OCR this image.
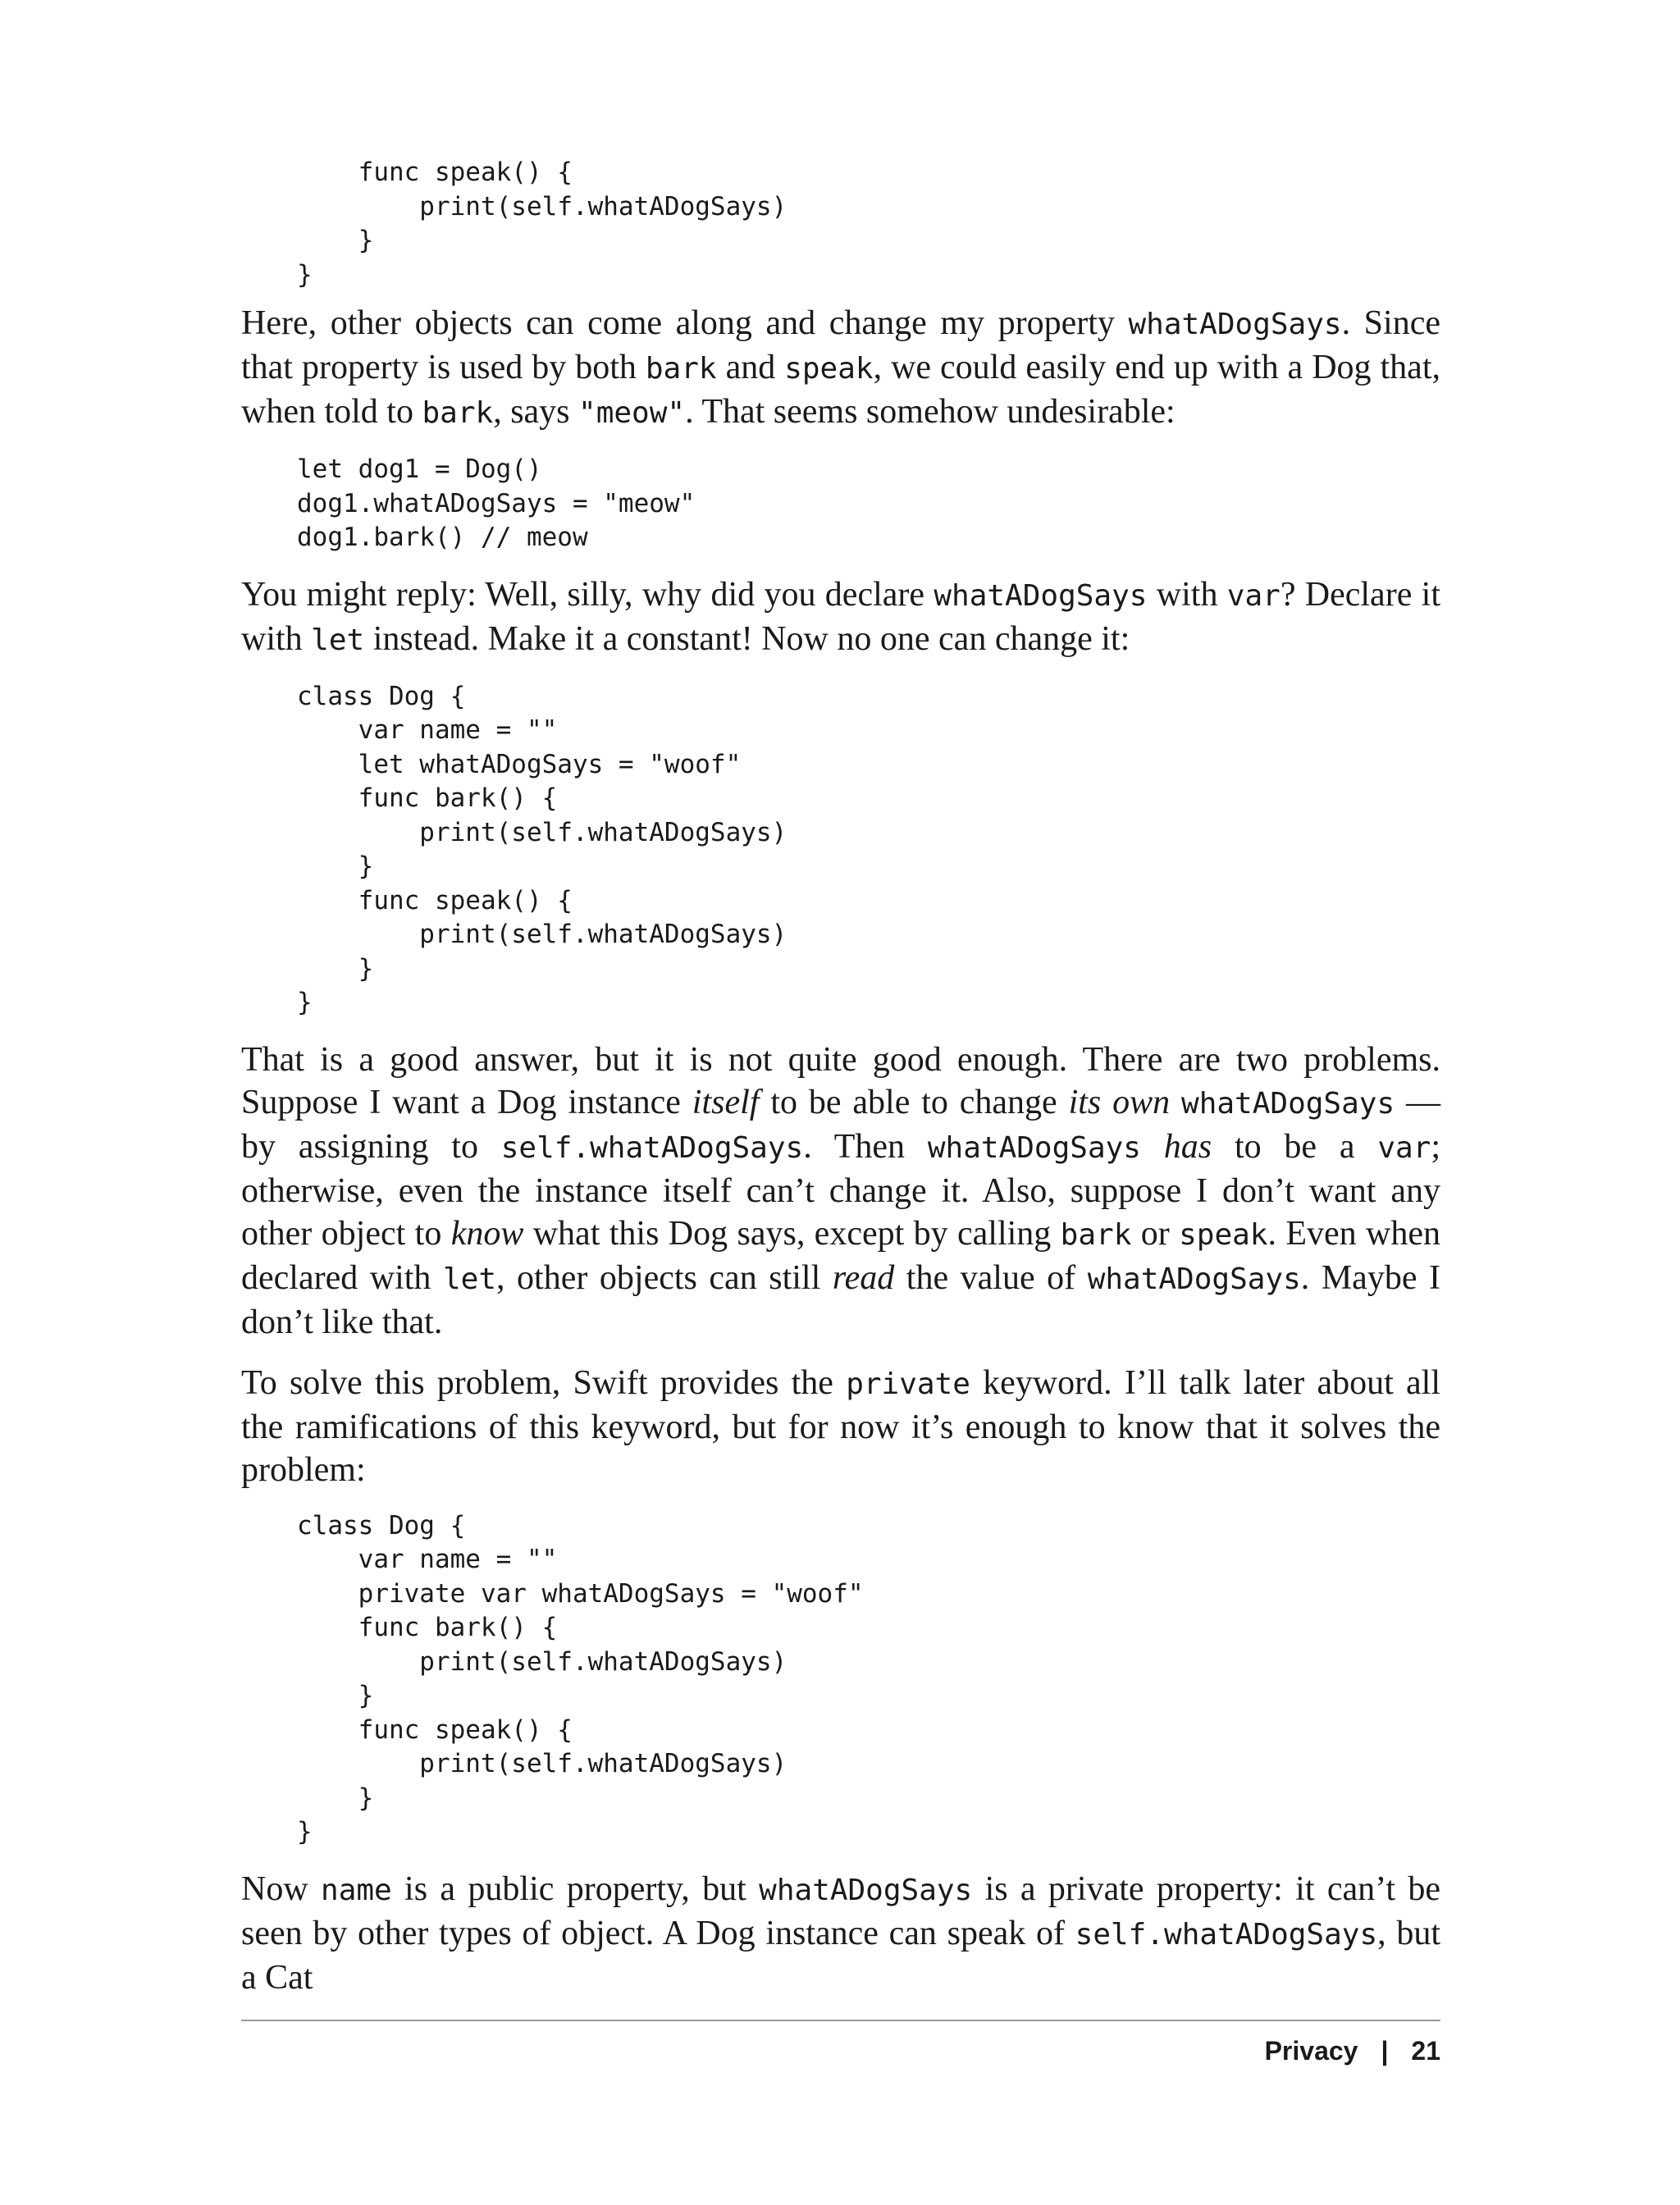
func speak() {
print(self.whatADogSays)
}
}

Here, other objects can come along and change my property whatADogSays. Since that property is used by both bark and speak, we could easily end up with a Dog that, when told to bark, says "meow". That seems somehow undesirable:

let dog1 = Dog()
dog1.whatADogSays = "meow"
dog1.bark() // meow

You might reply: Well, silly, why did you declare whatADogSays with var? Declare it with let instead. Make it a constant! Now no one can change it:

class Dog {
var name = ""
let whatADogSays = "woof"
func bark() {
print(self.whatADogSays)
}
func speak() {
print(self.whatADogSays)
}
}

That is a good answer, but it is not quite good enough. There are two problems. Suppose I want a Dog instance itself to be able to change its own whatADogSays — by assigning to self.whatADogSays. Then whatADogSays has to be a var; otherwise, even the instance itself can’t change it. Also, suppose I don’t want any other object to know what this Dog says, except by calling bark or speak. Even when declared with let, other objects can still read the value of whatADogSays. Maybe I don’t like that.

To solve this problem, Swift provides the private keyword. I’ll talk later about all the ramifications of this keyword, but for now it’s enough to know that it solves the problem:

class Dog {
var name = ""
private var whatADogSays = "woof"
func bark() {
print(self.whatADogSays)
}
func speak() {
print(self.whatADogSays)
}
}

Now name is a public property, but whatADogSays is a private property: it can’t be seen by other types of object. A Dog instance can speak of self.whatADogSays, but a Cat

Privacy | 21
